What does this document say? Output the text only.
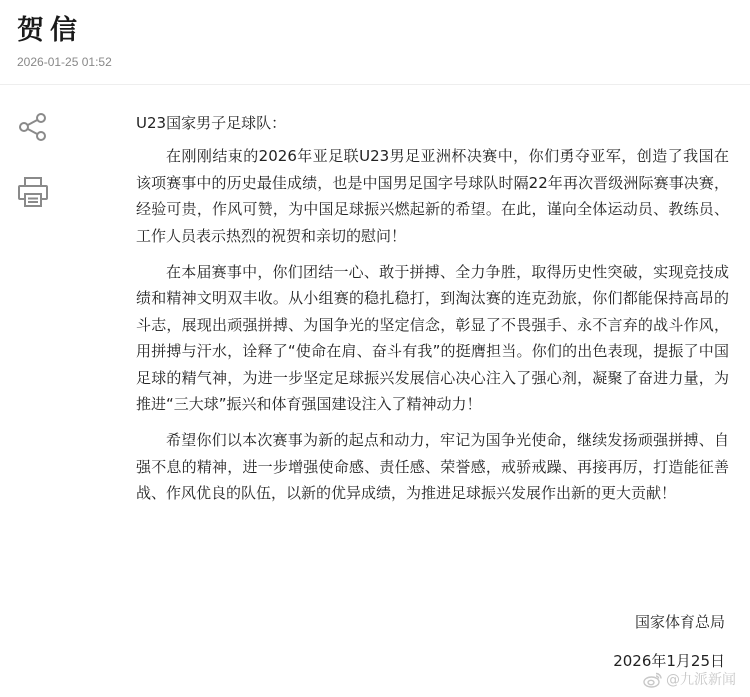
贺信
2026-01-25 01:52

U23国家男子足球队：

在刚刚结束的2026年亚足联U23男足亚洲杯决赛中，你们勇夺亚军，创造了我国在该项赛事中的历史最佳成绩，也是中国男足国字号球队时隔22年再次晋级洲际赛事决赛，经验可贵，作风可赞，为中国足球振兴燃起新的希望。在此，谨向全体运动员、教练员、工作人员表示热烈的祝贺和亲切的慰问！

在本届赛事中，你们团结一心、敢于拼搏、全力争胜，取得历史性突破，实现竞技成绩和精神文明双丰收。从小组赛的稳扎稳打，到淘汰赛的连克劲旅，你们都能保持高昂的斗志，展现出顽强拼搏、为国争光的坚定信念，彰显了不畏强手、永不言弃的战斗作风，用拼搏与汗水，诠释了“使命在肩、奋斗有我”的挺膺担当。你们的出色表现，提振了中国足球的精气神，为进一步坚定足球振兴发展信心决心注入了强心剂，凝聚了奋进力量，为推进“三大球”振兴和体育强国建设注入了精神动力！

希望你们以本次赛事为新的起点和动力，牢记为国争光使命，继续发扬顽强拼搏、自强不息的精神，进一步增强使命感、责任感、荣誉感，戒骄戒躁、再接再厉，打造能征善战、作风优良的队伍，以新的优异成绩，为推进足球振兴发展作出新的更大贡献！

国家体育总局
2026年1月25日
@九派新闻
